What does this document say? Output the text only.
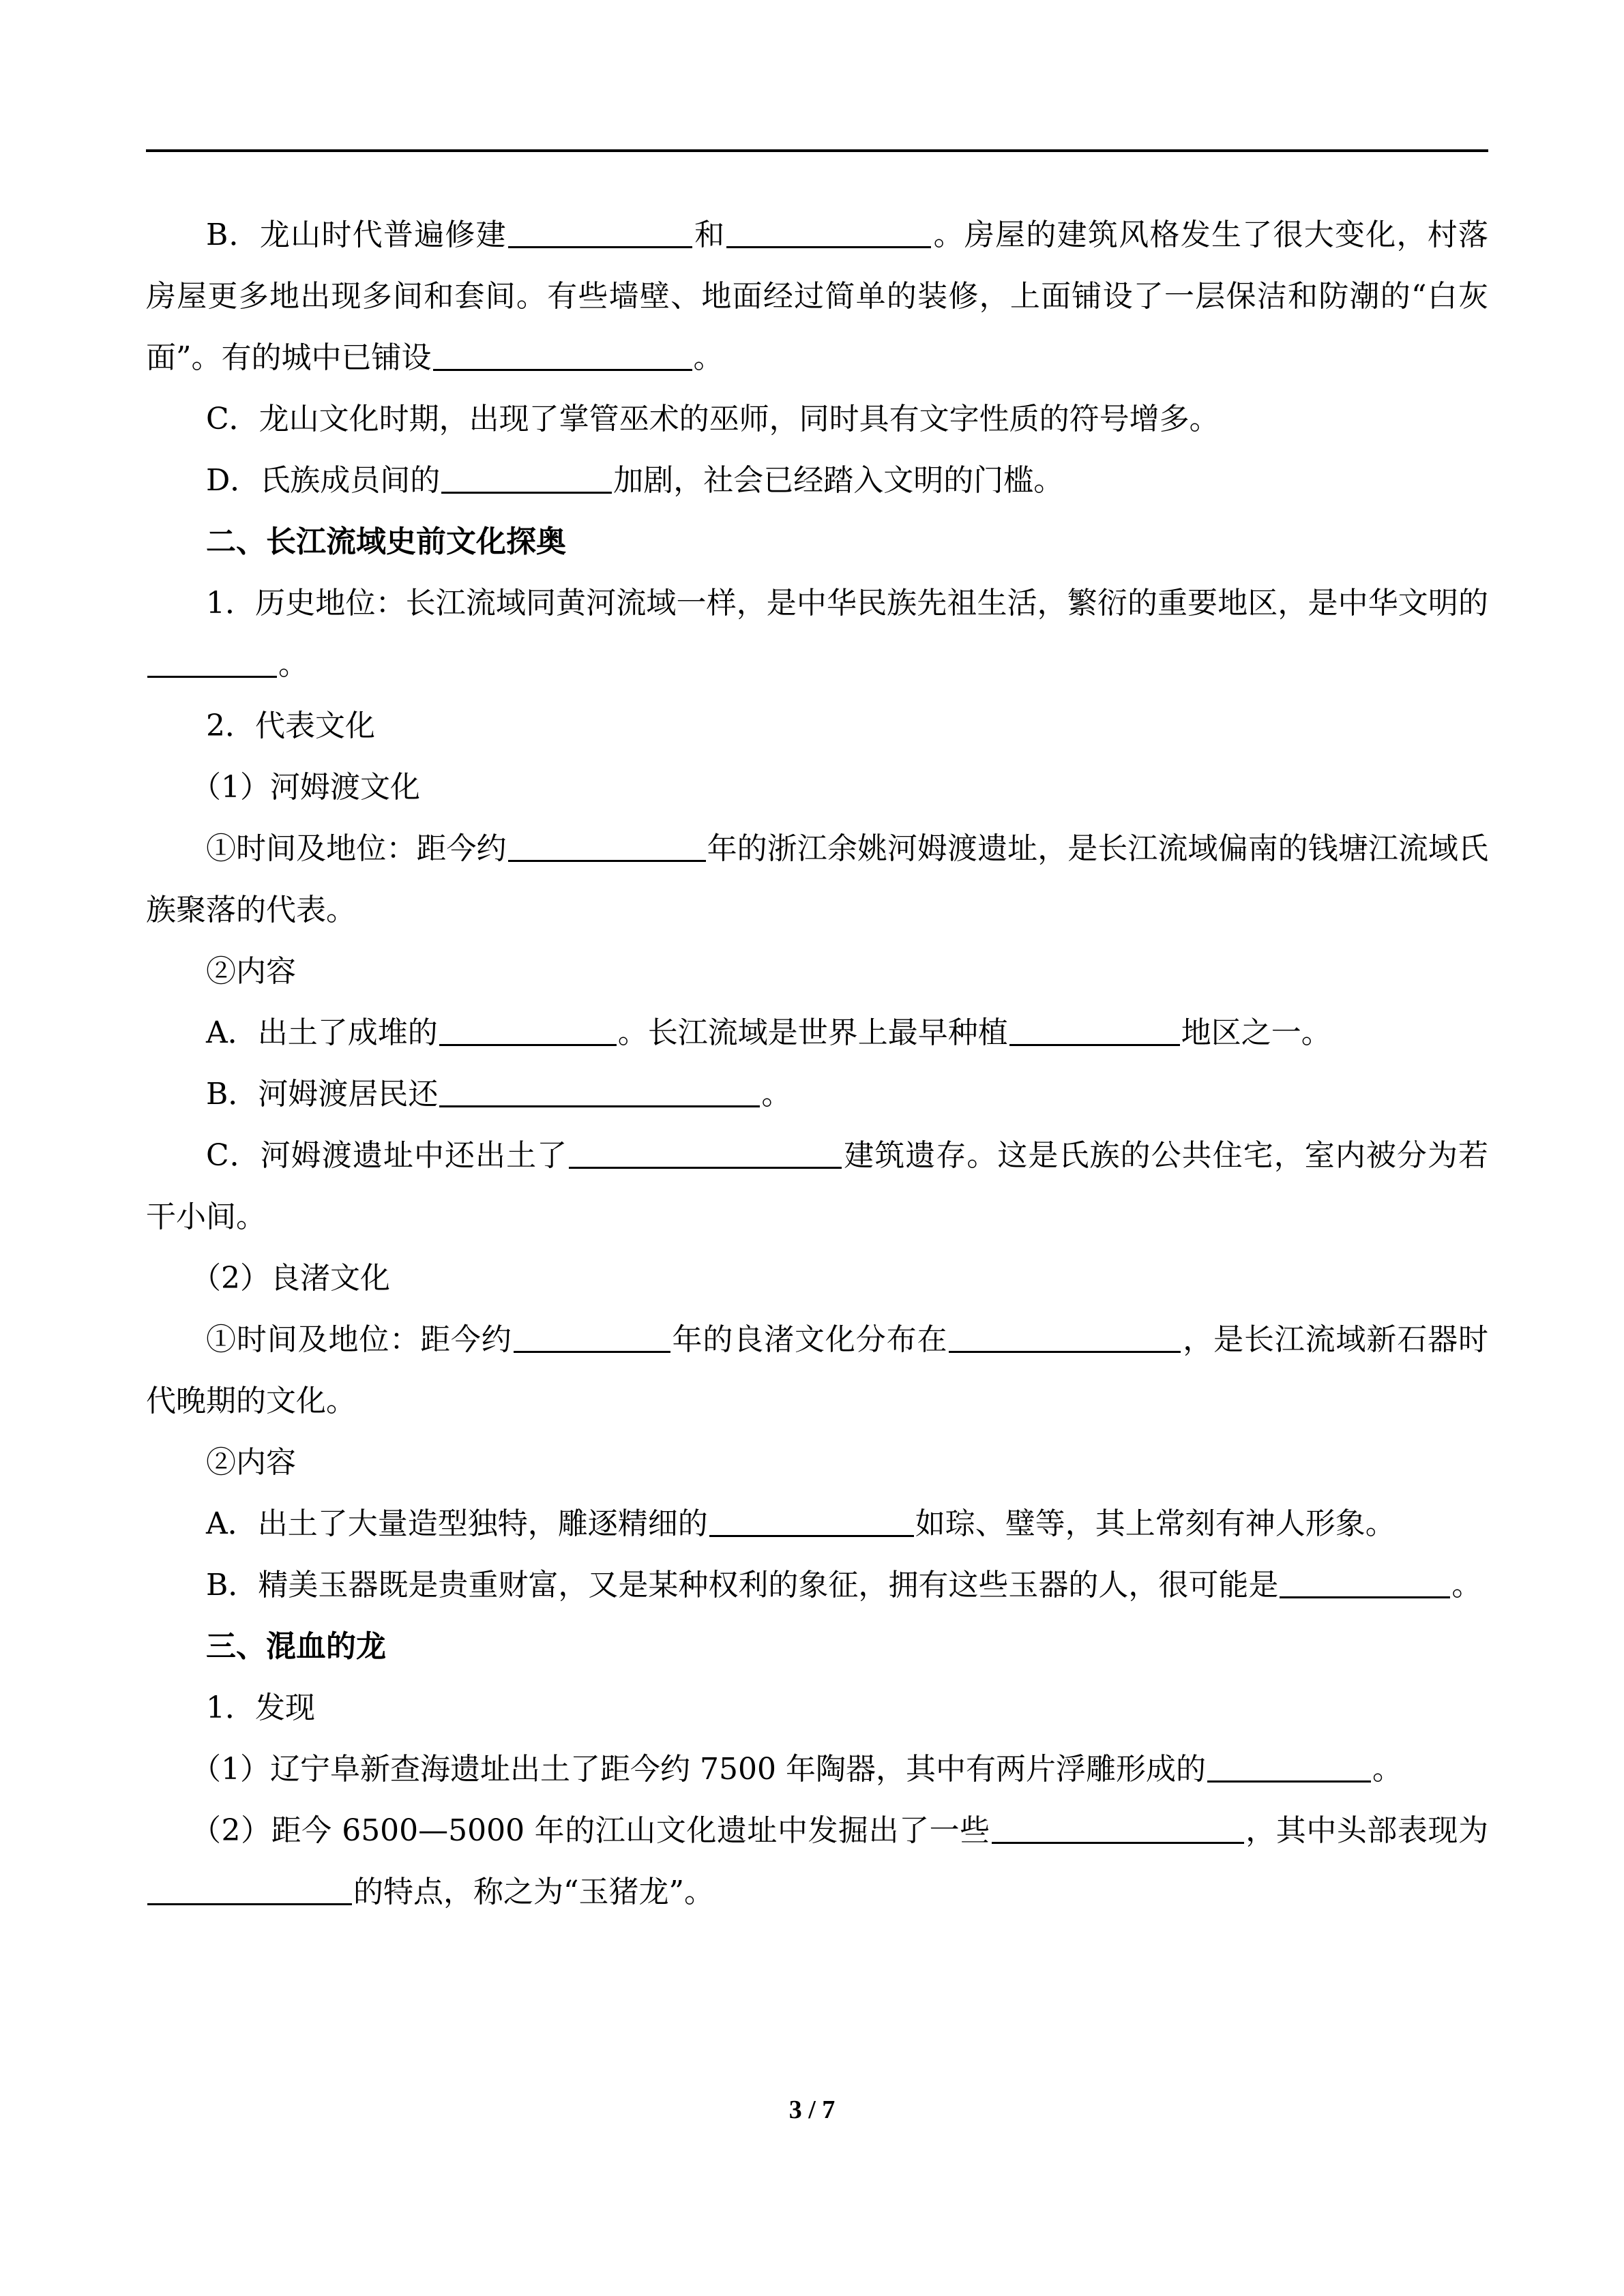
B．龙山时代普遍修建	和	。房屋的建筑风格发生了很大变化，村落房屋更多地出现多间和套间。有些墙壁、地面经过简单的装修，上面铺设了一层保洁和防潮的“白灰面”。有的城中已铺设	。

C．龙山文化时期，出现了掌管巫术的巫师，同时具有文字性质的符号增多。

D．氏族成员间的	加剧，社会已经踏入文明的门槛。

二、长江流域史前文化探奥

1．历史地位：长江流域同黄河流域一样，是中华民族先祖生活，繁衍的重要地区，是中华文明的。

2．代表文化

（1）河姆渡文化

①时间及地位：距今约	年的浙江余姚河姆渡遗址，是长江流域偏南的钱塘江流域氏族聚落的代表。

②内容

A．出土了成堆的	。长江流域是世界上最早种植	地区之一。

B．河姆渡居民还	。

C．河姆渡遗址中还出土了	建筑遗存。这是氏族的公共住宅，室内被分为若干小间。

（2）良渚文化

①时间及地位：距今约	年的良渚文化分布在	，是长江流域新石器时代晚期的文化。

②内容

A．出土了大量造型独特，雕逐精细的	如琮、璧等，其上常刻有神人形象。

B．精美玉器既是贵重财富，又是某种权利的象征，拥有这些玉器的人，很可能是	。

三、混血的龙

1．发现

（1）辽宁阜新查海遗址出土了距今约 7500 年陶器，其中有两片浮雕形成的	。

（2）距今 6500—5000 年的江山文化遗址中发掘出了一些	，其中头部表现为的特点，称之为“玉猪龙”。

3 / 7
